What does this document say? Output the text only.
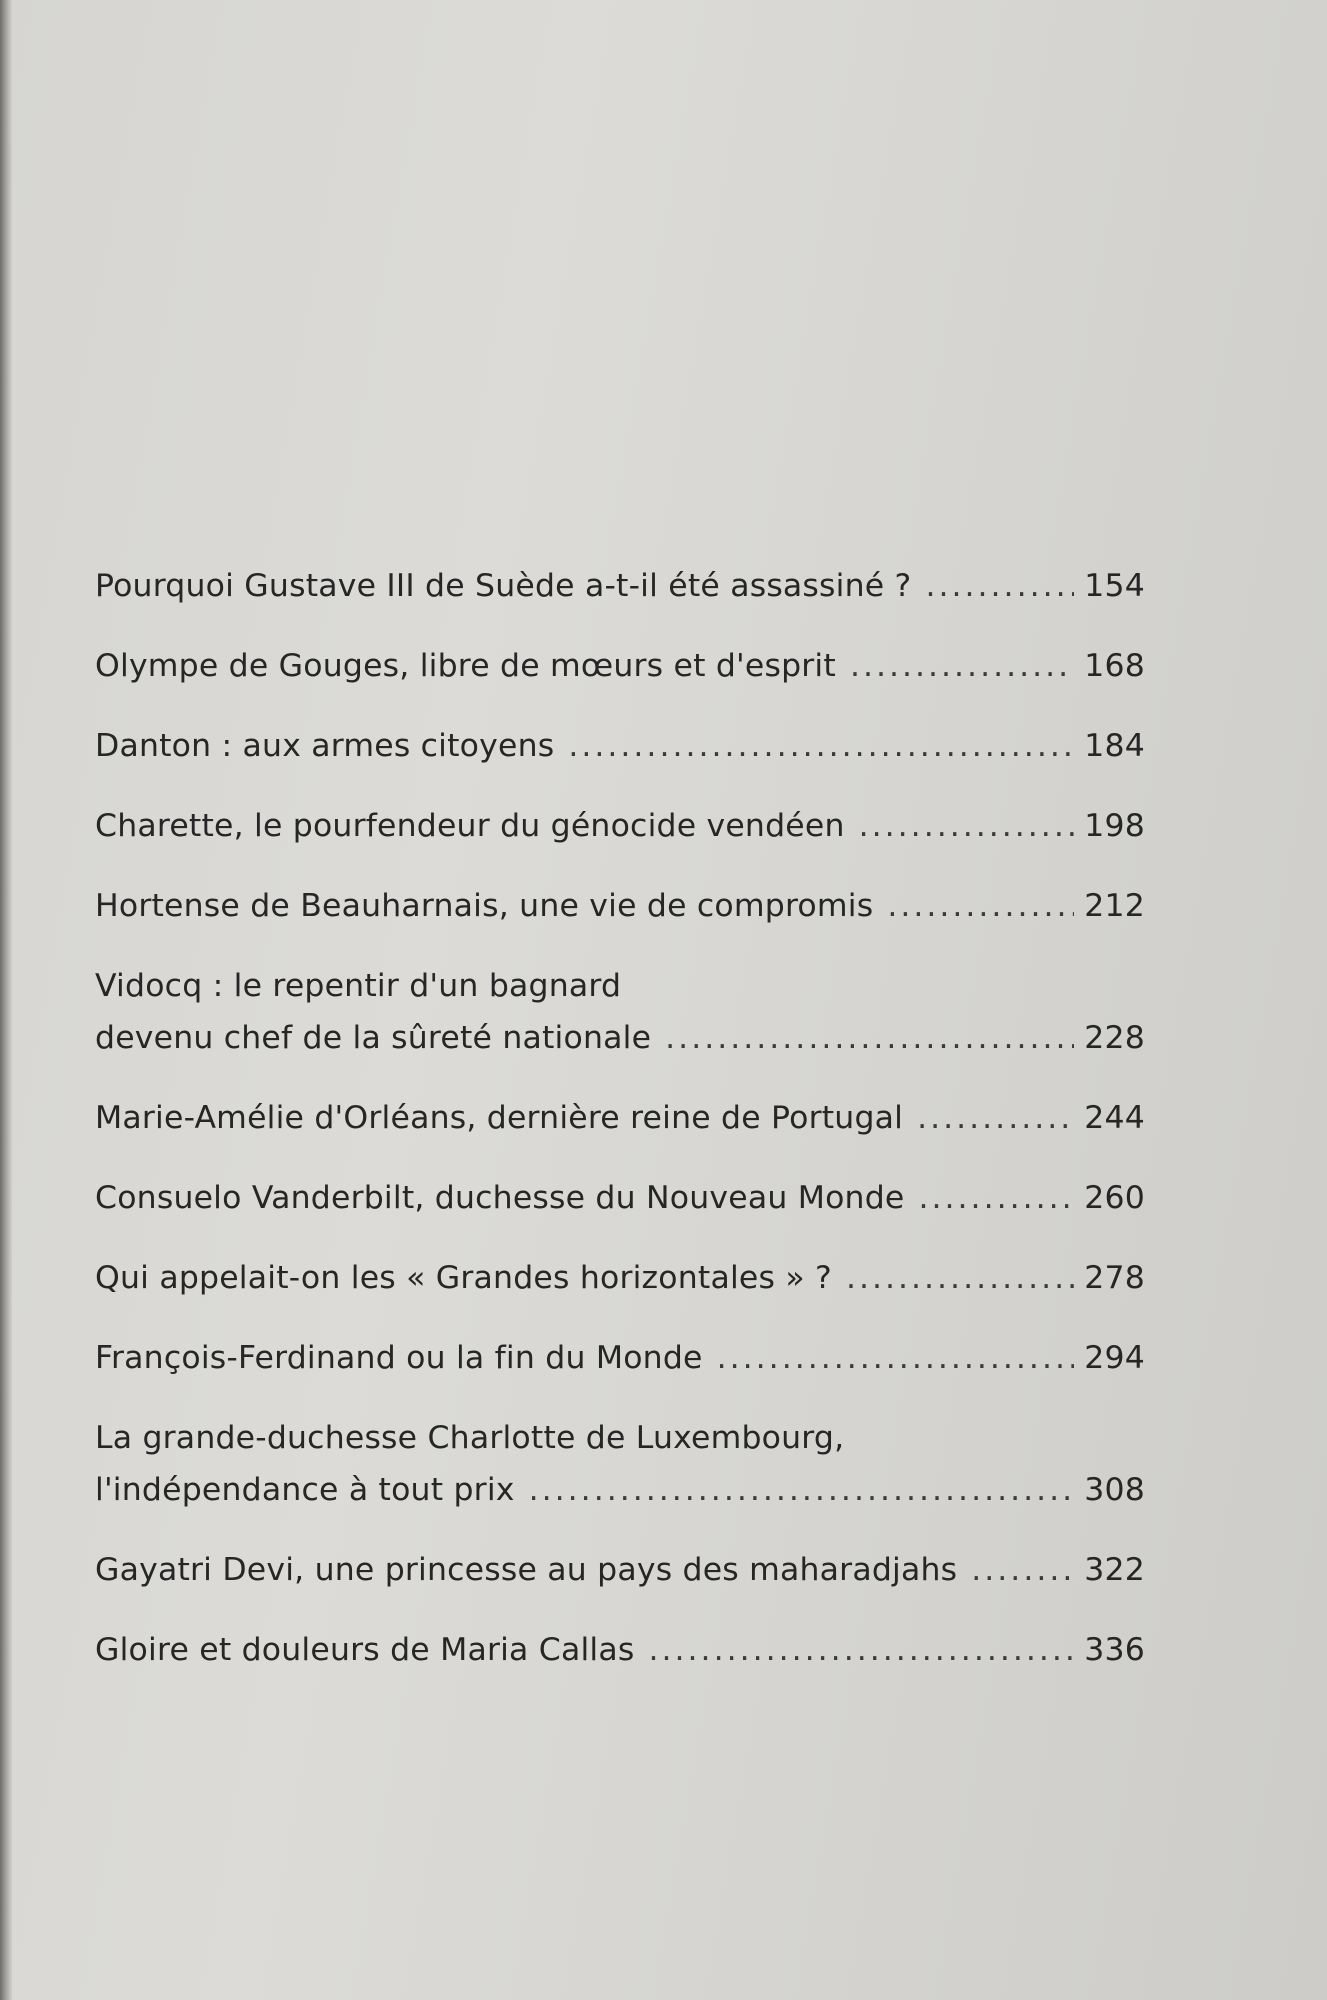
Pourquoi Gustave III de Suède a-t-il été assassiné ? .....	154
Olympe de Gouges, libre de mœurs et d'esprit .....	168
Danton : aux armes citoyens .....	184
Charette, le pourfendeur du génocide vendéen .....	198
Hortense de Beauharnais, une vie de compromis .....	212
Vidocq : le repentir d'un bagnard
devenu chef de la sûreté nationale .....	228
Marie-Amélie d'Orléans, dernière reine de Portugal .....	244
Consuelo Vanderbilt, duchesse du Nouveau Monde .....	260
Qui appelait-on les « Grandes horizontales » ? .....	278
François-Ferdinand ou la fin du Monde .....	294
La grande-duchesse Charlotte de Luxembourg,
l'indépendance à tout prix .....	308
Gayatri Devi, une princesse au pays des maharadjahs .....	322
Gloire et douleurs de Maria Callas .....	336
